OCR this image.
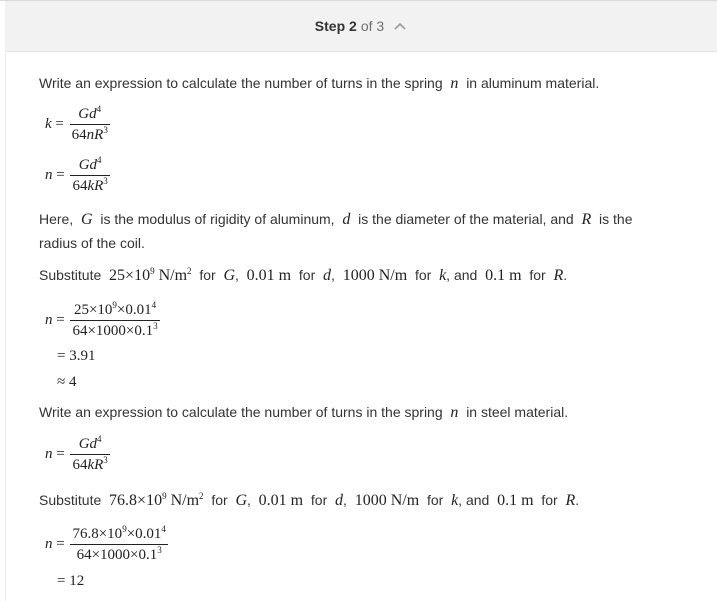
Step
2 of 3
Write an expression to calculate the number of turns in the spring n in aluminum material.
$k = \frac{Gd^4}{64nR^3}$
$n = \frac{Gd^4}{64kR^3}$
Here, G is the modulus of rigidity of aluminum, d is the diameter of the material, and R is the
radius of the coil.
Substitute $25\times 10^9$ $N/m^2$ for G,  0.01 m for d,  1000 N/m for k, and 0.1 m for R.
$n = \frac{25\times 10^9\times 0.01^4}{64\times 1000\times 0.1^3}$
= 3.91
≈ 4
Write an expression to calculate the number of turns in the spring n in steel material.
$n = \frac{Gd^4}{64kR^3}$
Substitute $76.8\times 10^9$ $N/m^2$ for G,  0.01 m for d,  1000 N/m for k, and 0.1 m for R.
$n = \frac{76.8\times 10^9\times 0.01^4}{64\times 1000\times 0.1^3}$
= 12
